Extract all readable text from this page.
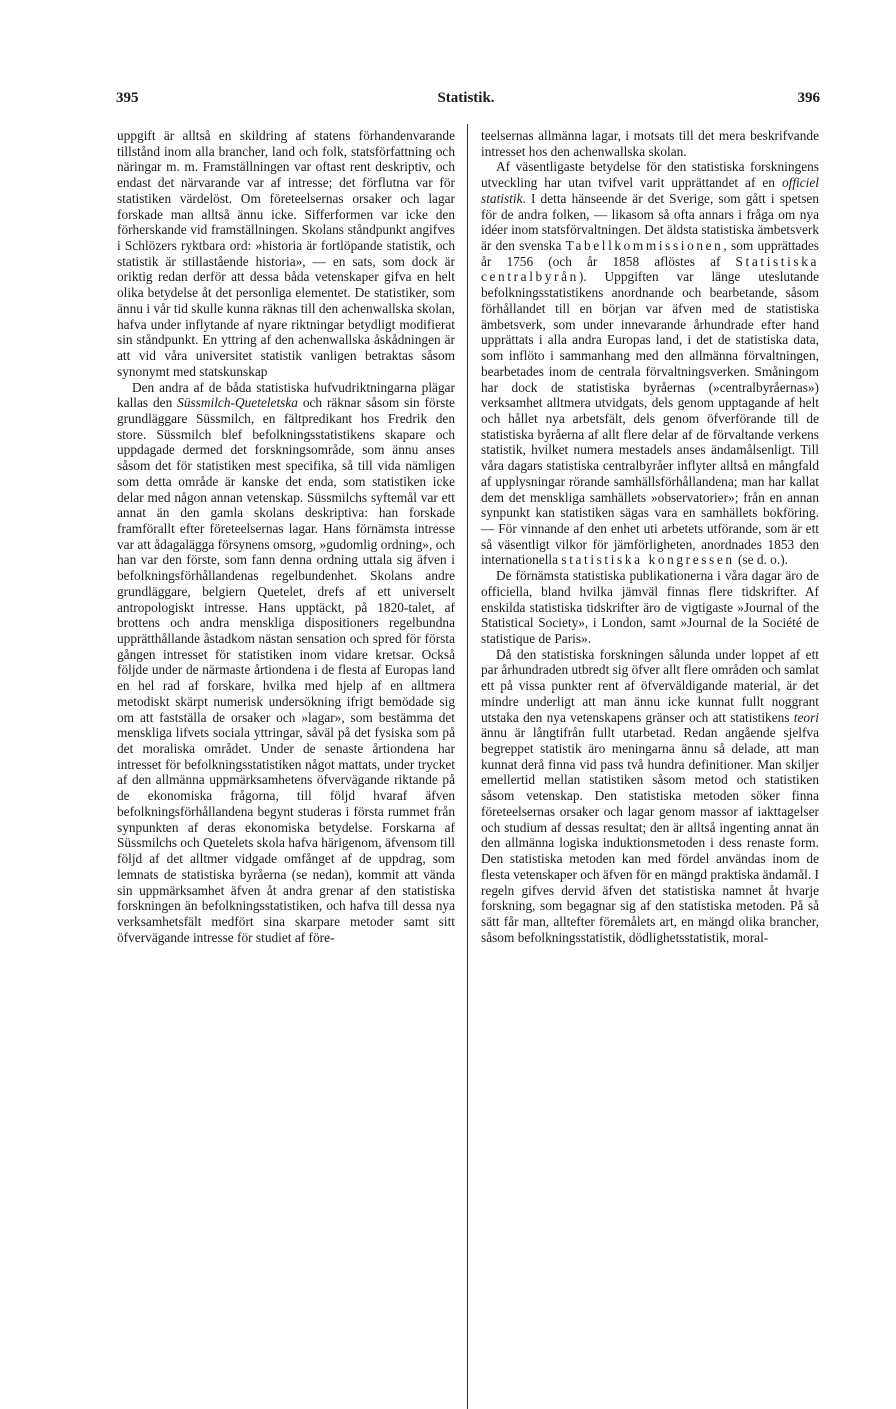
395	Statistik.	396

uppgift är alltså en skildring af statens förhandenvarande tillstånd inom alla brancher, land och folk, statsförfattning och näringar m. m. Framställningen var oftast rent deskriptiv, och endast det närvarande var af intresse; det förflutna var för statistiken värdelöst. Om företeelsernas orsaker och lagar forskade man alltså ännu icke. Sifferformen var icke den förherskande vid framställningen. Skolans ståndpunkt angifves i Schlözers ryktbara ord: »historia är fortlöpande statistik, och statistik är stillastående historia», — en sats, som dock är oriktig redan derför att dessa båda vetenskaper gifva en helt olika betydelse åt det personliga elementet. De statistiker, som ännu i vår tid skulle kunna räknas till den achenwallska skolan, hafva under inflytande af nyare riktningar betydligt modifierat sin ståndpunkt. En yttring af den achenwallska åskådningen är att vid våra universitet statistik vanligen betraktas såsom synonymt med statskunskap

Den andra af de båda statistiska hufvudriktningarna plägar kallas den Süssmilch-Queteletska och räknar såsom sin förste grundläggare Süssmilch, en fältpredikant hos Fredrik den store. Süssmilch blef befolkningsstatistikens skapare och uppdagade dermed det forskningsområde, som ännu anses såsom det för statistiken mest specifika, så till vida nämligen som detta område är kanske det enda, som statistiken icke delar med någon annan vetenskap. Süssmilchs syftemål var ett annat än den gamla skolans deskriptiva: han forskade framförallt efter företeelsernas lagar. Hans förnämsta intresse var att ådagalägga försynens omsorg, »gudomlig ordning», och han var den förste, som fann denna ordning uttala sig äfven i befolkningsförhållandenas regelbundenhet. Skolans andre grundläggare, belgiern Quetelet, drefs af ett universelt antropologiskt intresse. Hans upptäckt, på 1820-talet, af brottens och andra menskliga dispositioners regelbundna upprätthållande åstadkom nästan sensation och spred för första gången intresset för statistiken inom vidare kretsar. Också följde under de närmaste årtiondena i de flesta af Europas land en hel rad af forskare, hvilka med hjelp af en alltmera metodiskt skärpt numerisk undersökning ifrigt bemödade sig om att fastställa de orsaker och »lagar», som bestämma det menskliga lifvets sociala yttringar, såväl på det fysiska som på det moraliska området. Under de senaste årtiondena har intresset för befolkningsstatistiken något mattats, under trycket af den allmänna uppmärksamhetens öfvervägande riktande på de ekonomiska frågorna, till följd hvaraf äfven befolkningsförhållandena begynt studeras i första rummet från synpunkten af deras ekonomiska betydelse. Forskarna af Süssmilchs och Quetelets skola hafva härigenom, äfvensom till följd af det alltmer vidgade omfånget af de uppdrag, som lemnats de statistiska byråerna (se nedan), kommit att vända sin uppmärksamhet äfven åt andra grenar af den statistiska forskningen än befolkningsstatistiken, och hafva till dessa nya verksamhetsfält medfört sina skarpare metoder samt sitt öfvervägande intresse för studiet af före-

teelsernas allmänna lagar, i motsats till det mera beskrifvande intresset hos den achenwallska skolan.

Af väsentligaste betydelse för den statistiska forskningens utveckling har utan tvifvel varit upprättandet af en officiel statistik. I detta hänseende är det Sverige, som gått i spetsen för de andra folken, — likasom så ofta annars i fråga om nya idéer inom statsförvaltningen. Det äldsta statistiska ämbetsverk är den svenska Tabellkommissionen, som upprättades år 1756 (och år 1858 aflöstes af Statistiska centralbyrån). Uppgiften var länge uteslutande befolkningsstatistikens anordnande och bearbetande, såsom förhållandet till en början var äfven med de statistiska ämbetsverk, som under innevarande århundrade efter hand upprättats i alla andra Europas land, i det de statistiska data, som inflöto i sammanhang med den allmänna förvaltningen, bearbetades inom de centrala förvaltningsverken. Småningom har dock de statistiska byråernas (»centralbyråernas») verksamhet alltmera utvidgats, dels genom upptagande af helt och hållet nya arbetsfält, dels genom öfverförande till de statistiska byråerna af allt flere delar af de förvaltande verkens statistik, hvilket numera mestadels anses ändamålsenligt. Till våra dagars statistiska centralbyråer inflyter alltså en mångfald af upplysningar rörande samhällsförhållandena; man har kallat dem det menskliga samhällets »observatorier»; från en annan synpunkt kan statistiken sägas vara en samhällets bokföring. — För vinnande af den enhet uti arbetets utförande, som är ett så väsentligt vilkor för jämförligheten, anordnades 1853 den internationella statistiska kongressen (se d. o.).

De förnämsta statistiska publikationerna i våra dagar äro de officiella, bland hvilka jämväl finnas flere tidskrifter. Af enskilda statistiska tidskrifter äro de vigtigaste »Journal of the Statistical Society», i London, samt »Journal de la Société de statistique de Paris».

Då den statistiska forskningen sålunda under loppet af ett par århundraden utbredt sig öfver allt flere områden och samlat ett på vissa punkter rent af öfverväldigande material, är det mindre underligt att man ännu icke kunnat fullt noggrant utstaka den nya vetenskapens gränser och att statistikens teori ännu är långtifrån fullt utarbetad. Redan angående sjelfva begreppet statistik äro meningarna ännu så delade, att man kunnat derå finna vid pass två hundra definitioner. Man skiljer emellertid mellan statistiken såsom metod och statistiken såsom vetenskap. Den statistiska metoden söker finna företeelsernas orsaker och lagar genom massor af iakttagelser och studium af dessas resultat; den är alltså ingenting annat än den allmänna logiska induktionsmetoden i dess renaste form. Den statistiska metoden kan med fördel användas inom de flesta vetenskaper och äfven för en mängd praktiska ändamål. I regeln gifves dervid äfven det statistiska namnet åt hvarje forskning, som begagnar sig af den statistiska metoden. På så sätt får man, alltefter föremålets art, en mängd olika brancher, såsom befolkningsstatistik, dödlighetsstatistik, moral-
